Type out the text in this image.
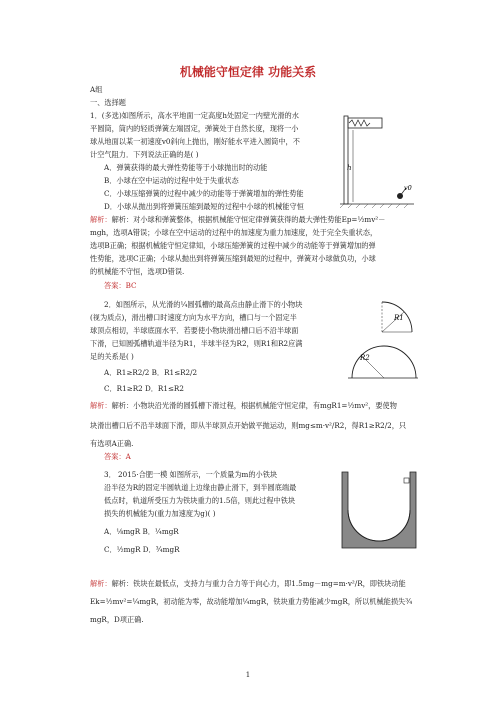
机械能守恒定律 功能关系
A组
一、选择题
1．(多选)如图所示，高水平地面一定高度h处固定一内壁光滑的水
平圆筒，筒内的轻质弹簧左端固定，弹簧处于自然长度，现将一小
球从地面以某一初速度v0斜向上抛出，刚好能水平进入圆筒中，不
计空气阻力．下列说法正确的是( )
A．弹簧获得的最大弹性势能等于小球抛出时的动能
B．小球在空中运动的过程中处于失重状态
C．小球压缩弹簧的过程中减少的动能等于弹簧增加的弹性势能
D．小球从抛出到将弹簧压缩到最短的过程中小球的机械能守恒
h
v0
解析：解析：对小球和弹簧整体，根据机械能守恒定律弹簧获得的最大弹性势能Ep=½mv²－
mgh，选项A错误；小球在空中运动的过程中的加速度为重力加速度，处于完全失重状态，
选项B正确；根据机械能守恒定律知，小球压缩弹簧的过程中减少的动能等于弹簧增加的弹
性势能，选项C正确；小球从抛出到将弹簧压缩到最短的过程中，弹簧对小球做负功，小球
的机械能不守恒，选项D错误.
答案：BC
2．如图所示，从光滑的¼圆弧槽的最高点由静止滑下的小物块
(视为质点)，滑出槽口时速度方向为水平方向，槽口与一个固定半
球顶点相切，半球底面水平．若要使小物块滑出槽口后不沿半球面
下滑，已知圆弧槽轨道半径为R1，半球半径为R2，则R1和R2应满
足的关系是( )
A．R1≥R2/2 B．R1≤R2/2
C．R1≥R2 D．R1≤R2
R1
R2
解析：解析：小物块沿光滑的圆弧槽下滑过程，根据机械能守恒定律，有mgR1=½mv²，要使物
块滑出槽口后不沿半球面下滑，即从半球顶点开始做平抛运动，则mg≤m·v²/R2，得R1≥R2/2，只
有选项A正确.
答案：A
3． 2015·合肥一模 如图所示，一个质量为m的小铁块
沿半径为R的固定半圆轨道上边缘由静止滑下，到半圆底端最
低点时，轨道所受压力为铁块重力的1.5倍，则此过程中铁块
损失的机械能为(重力加速度为g)( )
A．⅛mgR B．¼mgR
C．½mgR D．¾mgR
解析：解析：铁块在最低点，支持力与重力合力等于向心力，即1.5mg－mg=m·v²/R，即铁块动能
Ek=½mv²=¼mgR，初动能为零，故动能增加¼mgR，铁块重力势能减少mgR，所以机械能损失¾
mgR，D项正确.
1
